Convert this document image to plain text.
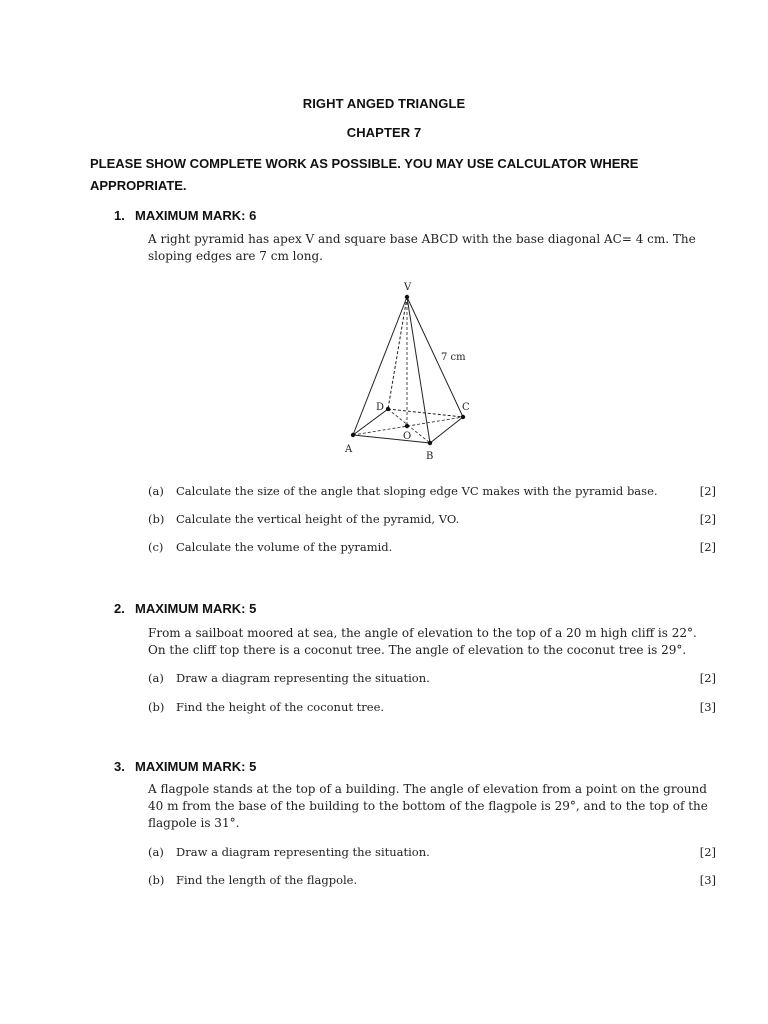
RIGHT ANGED TRIANGLE
CHAPTER 7
PLEASE SHOW COMPLETE WORK AS POSSIBLE. YOU MAY USE CALCULATOR WHERE APPROPRIATE.
1. MAXIMUM MARK: 6
A right pyramid has apex V and square base ABCD with the base diagonal AC= 4 cm. The
sloping edges are 7 cm long.
V
A
B
C
D
O
7 cm
(a) Calculate the size of the angle that sloping edge VC makes with the pyramid base.	[2]
(b) Calculate the vertical height of the pyramid, VO.	[2]
(c) Calculate the volume of the pyramid.	[2]
2. MAXIMUM MARK: 5
From a sailboat moored at sea, the angle of elevation to the top of a 20 m high cliff is 22°.
On the cliff top there is a coconut tree. The angle of elevation to the coconut tree is 29°.
(a) Draw a diagram representing the situation.	[2]
(b) Find the height of the coconut tree.	[3]
3. MAXIMUM MARK: 5
A flagpole stands at the top of a building. The angle of elevation from a point on the ground
40 m from the base of the building to the bottom of the flagpole is 29°, and to the top of the
flagpole is 31°.
(a) Draw a diagram representing the situation.	[2]
(b) Find the length of the flagpole.	[3]
